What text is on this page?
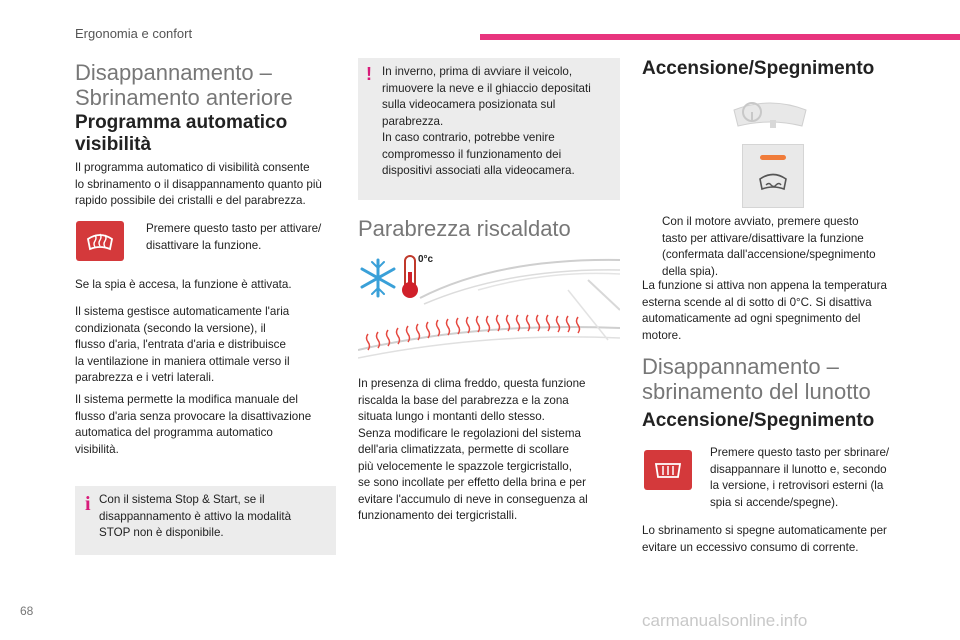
Ergonomia e confort
Disappannamento –
Sbrinamento anteriore
Programma automatico
visibilità
Il programma automatico di visibilità consente
lo sbrinamento o il disappannamento quanto più
rapido possibile dei cristalli e del parabrezza.
Premere questo tasto per attivare/
disattivare la funzione.
Se la spia è accesa, la funzione è attivata.
Il sistema gestisce automaticamente l'aria
condizionata (secondo la versione), il
flusso d'aria, l'entrata d'aria e distribuisce
la ventilazione in maniera ottimale verso il
parabrezza e i vetri laterali.
Il sistema permette la modifica manuale del
flusso d'aria senza provocare la disattivazione
automatica del programma automatico
visibilità.
i Con il sistema Stop & Start, se il
disappannamento è attivo la modalità
STOP non è disponibile.
! In inverno, prima di avviare il veicolo,
rimuovere la neve e il ghiaccio depositati
sulla videocamera posizionata sul
parabrezza.
In caso contrario, potrebbe venire
compromesso il funzionamento dei
dispositivi associati alla videocamera.
Parabrezza riscaldato
0°c
In presenza di clima freddo, questa funzione
riscalda la base del parabrezza e la zona
situata lungo i montanti dello stesso.
Senza modificare le regolazioni del sistema
dell'aria climatizzata, permette di scollare
più velocemente le spazzole tergicristallo,
se sono incollate per effetto della brina e per
evitare l'accumulo di neve in conseguenza al
funzionamento dei tergicristalli.
Accensione/Spegnimento
Con il motore avviato, premere questo
tasto per attivare/disattivare la funzione
(confermata dall'accensione/spegnimento
della spia).
La funzione si attiva non appena la temperatura
esterna scende al di sotto di 0°C. Si disattiva
automaticamente ad ogni spegnimento del
motore.
Disappannamento –
sbrinamento del lunotto
Accensione/Spegnimento
Premere questo tasto per sbrinare/
disappannare il lunotto e, secondo
la versione, i retrovisori esterni (la
spia si accende/spegne).
Lo sbrinamento si spegne automaticamente per
evitare un eccessivo consumo di corrente.
68	carmanualsonline.info
